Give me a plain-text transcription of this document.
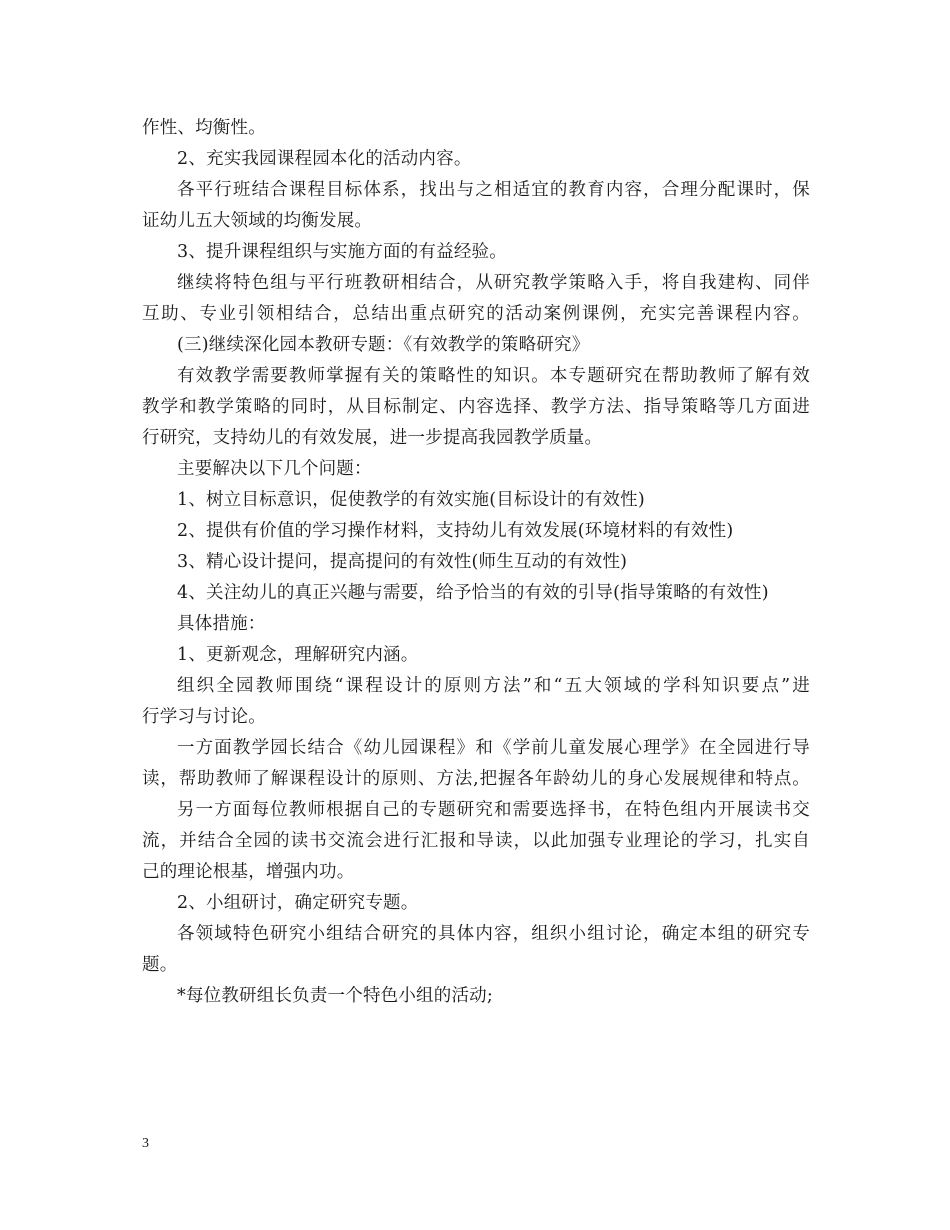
作性、均衡性。
2、充实我园课程园本化的活动内容。
各平行班结合课程目标体系，找出与之相适宜的教育内容，合理分配课时，保
证幼儿五大领域的均衡发展。
3、提升课程组织与实施方面的有益经验。
继续将特色组与平行班教研相结合，从研究教学策略入手，将自我建构、同伴
互助、专业引领相结合，总结出重点研究的活动案例课例，充实完善课程内容。
(三)继续深化园本教研专题：《有效教学的策略研究》
有效教学需要教师掌握有关的策略性的知识。本专题研究在帮助教师了解有效
教学和教学策略的同时，从目标制定、内容选择、教学方法、指导策略等几方面进
行研究，支持幼儿的有效发展，进一步提高我园教学质量。
主要解决以下几个问题：
1、树立目标意识，促使教学的有效实施(目标设计的有效性)
2、提供有价值的学习操作材料，支持幼儿有效发展(环境材料的有效性)
3、精心设计提问，提高提问的有效性(师生互动的有效性)
4、关注幼儿的真正兴趣与需要，给予恰当的有效的引导(指导策略的有效性)
具体措施：
1、更新观念，理解研究内涵。
组织全园教师围绕“课程设计的原则方法”和“五大领域的学科知识要点”进
行学习与讨论。
一方面教学园长结合《幼儿园课程》和《学前儿童发展心理学》在全园进行导
读，帮助教师了解课程设计的原则、方法,把握各年龄幼儿的身心发展规律和特点。
另一方面每位教师根据自己的专题研究和需要选择书，在特色组内开展读书交
流，并结合全园的读书交流会进行汇报和导读，以此加强专业理论的学习，扎实自
己的理论根基，增强内功。
2、小组研讨，确定研究专题。
各领域特色研究小组结合研究的具体内容，组织小组讨论，确定本组的研究专
题。
*每位教研组长负责一个特色小组的活动;
3
